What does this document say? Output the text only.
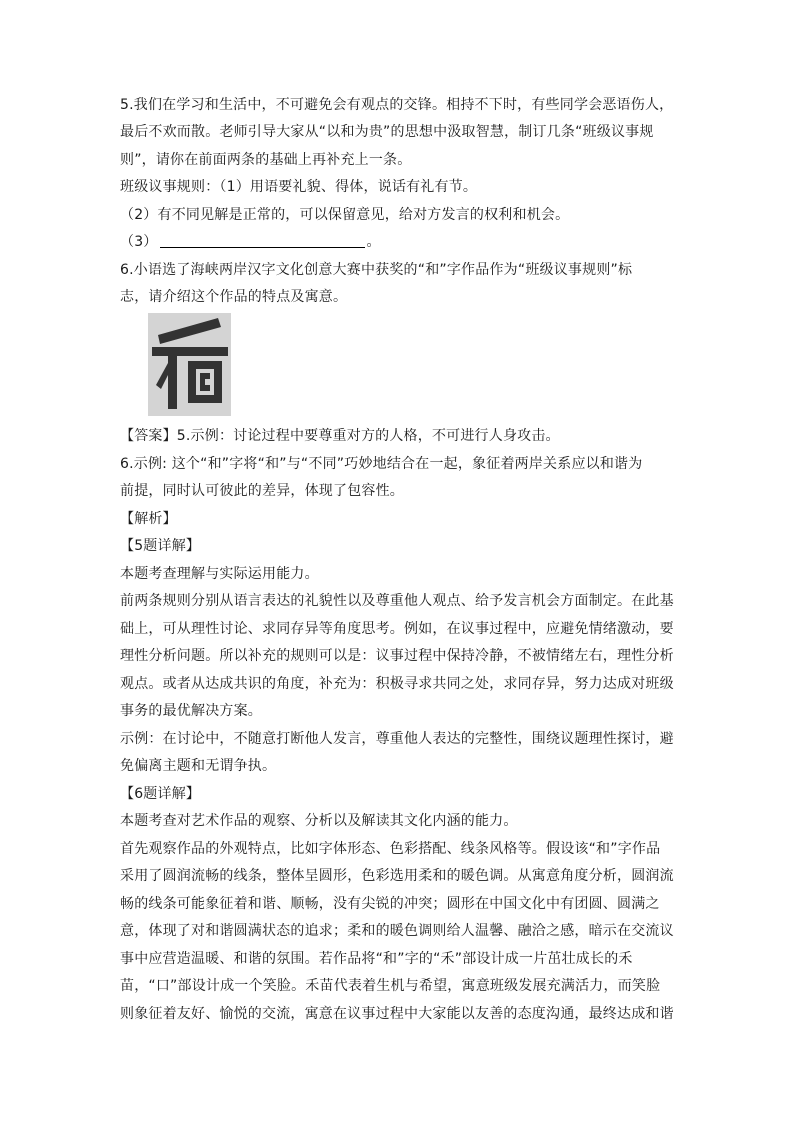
5.我们在学习和生活中，不可避免会有观点的交锋。相持不下时，有些同学会恶语伤人，
最后不欢而散。老师引导大家从“以和为贵”的思想中汲取智慧，制订几条“班级议事规
则”，请你在前面两条的基础上再补充上一条。
班级议事规则：（1）用语要礼貌、得体，说话有礼有节。
（2）有不同见解是正常的，可以保留意见，给对方发言的权利和机会。
（3）	。
6.小语选了海峡两岸汉字文化创意大赛中获奖的“和”字作品作为“班级议事规则”标
志，请介绍这个作品的特点及寓意。
【答案】5.示例：讨论过程中要尊重对方的人格，不可进行人身攻击。
6.示例: 这个“和”字将“和”与“不同”巧妙地结合在一起，象征着两岸关系应以和谐为
前提，同时认可彼此的差异，体现了包容性。
【解析】
【5题详解】
本题考查理解与实际运用能力。
前两条规则分别从语言表达的礼貌性以及尊重他人观点、给予发言机会方面制定。在此基
础上，可从理性讨论、求同存异等角度思考。例如，在议事过程中，应避免情绪激动，要
理性分析问题。所以补充的规则可以是：议事过程中保持冷静，不被情绪左右，理性分析
观点。或者从达成共识的角度，补充为：积极寻求共同之处，求同存异，努力达成对班级
事务的最优解决方案。
示例：在讨论中，不随意打断他人发言，尊重他人表达的完整性，围绕议题理性探讨，避
免偏离主题和无谓争执。
【6题详解】
本题考查对艺术作品的观察、分析以及解读其文化内涵的能力。
首先观察作品的外观特点，比如字体形态、色彩搭配、线条风格等。假设该“和”字作品
采用了圆润流畅的线条，整体呈圆形，色彩选用柔和的暖色调。从寓意角度分析，圆润流
畅的线条可能象征着和谐、顺畅，没有尖锐的冲突；圆形在中国文化中有团圆、圆满之
意，体现了对和谐圆满状态的追求；柔和的暖色调则给人温馨、融洽之感，暗示在交流议
事中应营造温暖、和谐的氛围。若作品将“和”字的“禾”部设计成一片茁壮成长的禾
苗，“口”部设计成一个笑脸。禾苗代表着生机与希望，寓意班级发展充满活力，而笑脸
则象征着友好、愉悦的交流，寓意在议事过程中大家能以友善的态度沟通，最终达成和谐
